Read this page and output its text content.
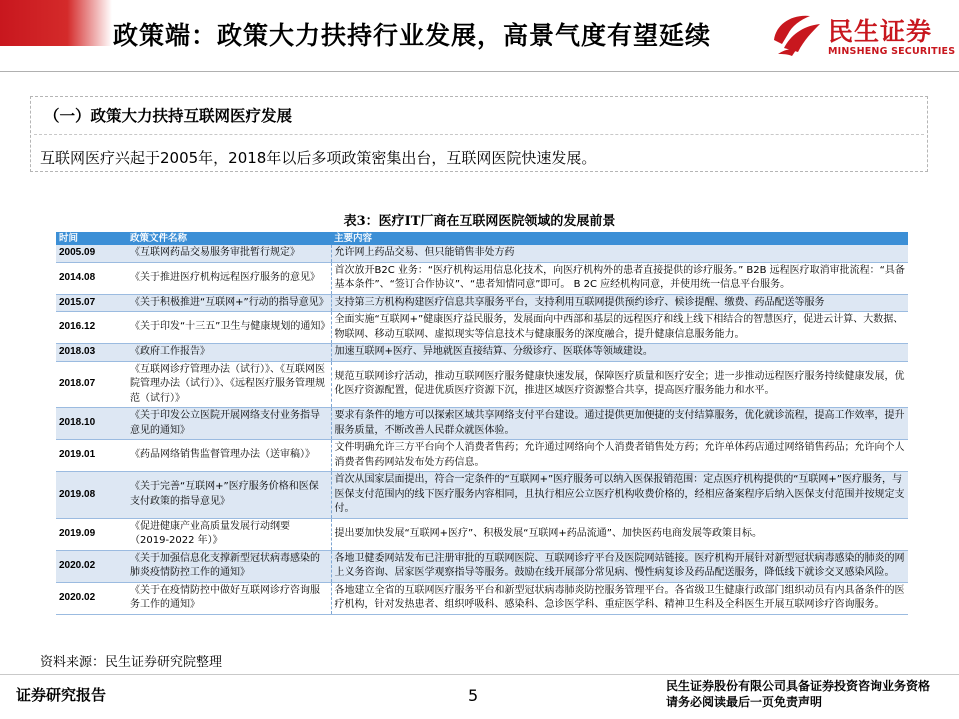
政策端：政策大力扶持行业发展，高景气度有望延续	民生证券
MINSHENG SECURITIES
（一）政策大力扶持互联网医疗发展
互联网医疗兴起于2005年，2018年以后多项政策密集出台，互联网医院快速发展。
表3：医疗IT厂商在互联网医院领域的发展前景
时间	政策文件名称	主要内容
2005.09	《互联网药品交易服务审批暂行规定》	允许网上药品交易、但只能销售非处方药
2014.08	《关于推进医疗机构远程医疗服务的意见》	首次放开B2C 业务：“医疗机构运用信息化技术，向医疗机构外的患者直接提供的诊疗服务。” B2B 远程医疗取消审批流程：“具备基本条件”、“签订合作协议”、“患者知情同意”即可。 B 2C 应经机构同意，并使用统一信息平台服务。
2015.07	《关于积极推进“互联网+”行动的指导意见》	支持第三方机构构建医疗信息共享服务平台，支持利用互联网提供预约诊疗、候诊提醒、缴费、药品配送等服务
2016.12	《关于印发“十三五”卫生与健康规划的通知》	全面实施“互联网+”健康医疗益民服务，发展面向中西部和基层的远程医疗和线上线下相结合的智慧医疗，促进云计算、大数据、物联网、移动互联网、虚拟现实等信息技术与健康服务的深度融合，提升健康信息服务能力。
2018.03	《政府工作报告》	加速互联网+医疗、异地就医直接结算、分级诊疗、医联体等领域建设。
2018.07	《互联网诊疗管理办法（试行）》、《互联网医院管理办法（试行）》、《远程医疗服务管理规范（试行）》	规范互联网诊疗活动，推动互联网医疗服务健康快速发展，保障医疗质量和医疗安全；进一步推动远程医疗服务持续健康发展，优化医疗资源配置，促进优质医疗资源下沉，推进区域医疗资源整合共享，提高医疗服务能力和水平。
2018.10	《关于印发公立医院开展网络支付业务指导意见的通知》	要求有条件的地方可以探索区域共享网络支付平台建设。通过提供更加便捷的支付结算服务，优化就诊流程，提高工作效率，提升服务质量，不断改善人民群众就医体验。
2019.01	《药品网络销售监督管理办法（送审稿）》	文件明确允许三方平台向个人消费者售药；允许通过网络向个人消费者销售处方药；允许单体药店通过网络销售药品；允许向个人消费者售药网站发布处方药信息。
2019.08	《关于完善“互联网+”医疗服务价格和医保支付政策的指导意见》	首次从国家层面提出，符合一定条件的“互联网+”医疗服务可以纳入医保报销范围：定点医疗机构提供的“互联网+”医疗服务，与医保支付范围内的线下医疗服务内容相同，且执行相应公立医疗机构收费价格的，经相应备案程序后纳入医保支付范围并按规定支付。
2019.09	《促进健康产业高质量发展行动纲要（2019-2022 年）》	提出要加快发展“互联网+医疗”、积极发展“互联网+药品流通”、加快医药电商发展等政策目标。
2020.02	《关于加强信息化支撑新型冠状病毒感染的肺炎疫情防控工作的通知》	各地卫健委网站发布已注册审批的互联网医院、互联网诊疗平台及医院网站链接。医疗机构开展针对新型冠状病毒感染的肺炎的网上义务咨询、居家医学观察指导等服务。鼓励在线开展部分常见病、慢性病复诊及药品配送服务，降低线下就诊交叉感染风险。
2020.02	《关于在疫情防控中做好互联网诊疗咨询服务工作的通知》	各地建立全省的互联网医疗服务平台和新型冠状病毒肺炎防控服务管理平台。各省级卫生健康行政部门组织动员有内具备条件的医疗机构，针对发热患者、组织呼吸科、感染科、急诊医学科、重症医学科、精神卫生科及全科医生开展互联网诊疗咨询服务。
资料来源：民生证券研究院整理
证券研究报告	5	民生证券股份有限公司具备证券投资咨询业务资格
请务必阅读最后一页免责声明
